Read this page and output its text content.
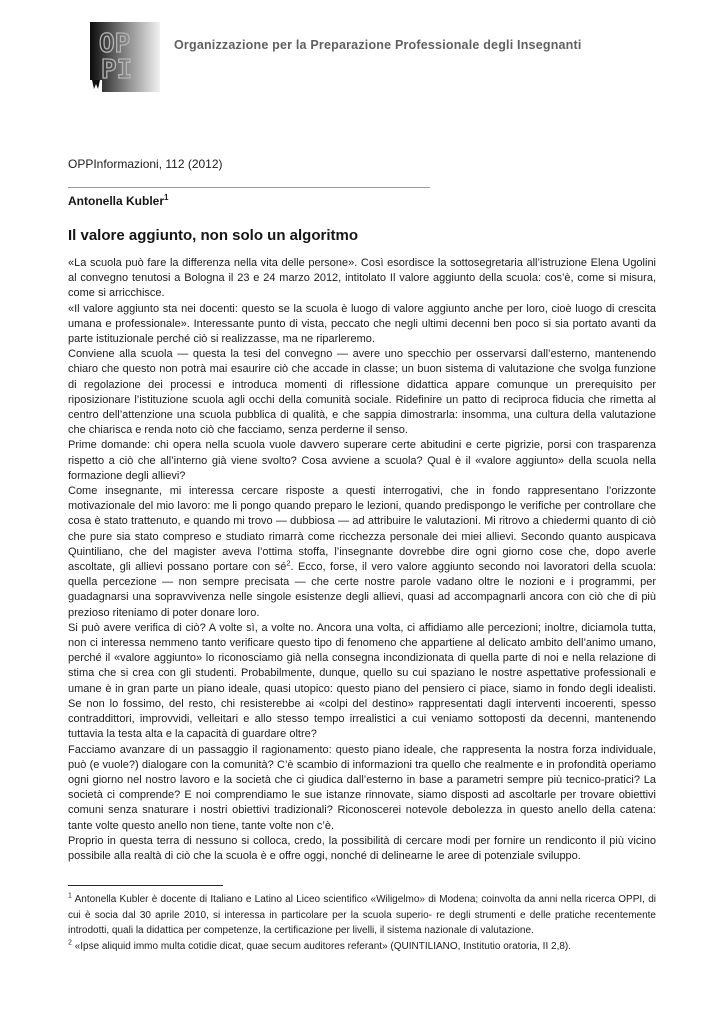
OP
PI
Organizzazione per la Preparazione Professionale degli Insegnanti
OPPInformazioni, 112 (2012)
Antonella Kubler$^1$
Il valore aggiunto, non solo un algoritmo

«La scuola può fare la differenza nella vita delle persone». Così esordisce la sottosegretaria all’istruzione Elena Ugolini al convegno tenutosi a Bologna il 23 e 24 marzo 2012, intitolato Il valore aggiunto della scuola: cos’è, come si misura, come si arricchisce.

«Il valore aggiunto sta nei docenti: questo se la scuola è luogo di valore aggiunto anche per loro, cioè luogo di crescita umana e professionale». Interessante punto di vista, peccato che negli ultimi decenni ben poco si sia portato avanti da parte istituzionale perché ciò si realizzasse, ma ne riparleremo.

Conviene alla scuola — questa la tesi del convegno — avere uno specchio per osservarsi dall’esterno, mantenendo chiaro che questo non potrà mai esaurire ciò che accade in classe; un buon sistema di valutazione che svolga funzione di regolazione dei processi e introduca momenti di riflessione didattica appare comunque un prerequisito per riposizionare l’istituzione scuola agli occhi della comunità sociale. Ridefinire un patto di reciproca fiducia che rimetta al centro dell’attenzione una scuola pubblica di qualità, e che sappia dimostrarla: insomma, una cultura della valutazione che chiarisca e renda noto ciò che facciamo, senza perderne il senso.

Prime domande: chi opera nella scuola vuole davvero superare certe abitudini e certe pigrizie, porsi con trasparenza rispetto a ciò che all’interno già viene svolto? Cosa avviene a scuola? Qual è il «valore aggiunto» della scuola nella formazione degli allievi?

Come insegnante, mi interessa cercare risposte a questi interrogativi, che in fondo rappresentano l’orizzonte motivazionale del mio lavoro: me li pongo quando preparo le lezioni, quando predispongo le verifiche per controllare che cosa è stato trattenuto, e quando mi trovo — dubbiosa — ad attribuire le valutazioni. Mi ritrovo a chiedermi quanto di ciò che pure sia stato compreso e studiato rimarrà come ricchezza personale dei miei allievi. Secondo quanto auspicava Quintiliano, che del magister aveva l’ottima stoffa, l’insegnante dovrebbe dire ogni giorno cose che, dopo averle ascoltate, gli allievi possano portare con $sé^2$. Ecco, forse, il vero valore aggiunto secondo noi lavoratori della scuola: quella percezione — non sempre precisata — che certe nostre parole vadano oltre le nozioni e i programmi, per guadagnarsi una sopravvivenza nelle singole esistenze degli allievi, quasi ad accompagnarli ancora con ciò che di più prezioso riteniamo di poter donare loro.

Si può avere verifica di ciò? A volte sì, a volte no. Ancora una volta, ci affidiamo alle percezioni; inoltre, diciamola tutta, non ci interessa nemmeno tanto verificare questo tipo di fenomeno che appartiene al delicato ambito dell’animo umano, perché il «valore aggiunto» lo riconosciamo già nella consegna incondizionata di quella parte di noi e nella relazione di stima che si crea con gli studenti. Probabilmente, dunque, quello su cui spaziano le nostre aspettative professionali e umane è in gran parte un piano ideale, quasi utopico: questo piano del pensiero ci piace, siamo in fondo degli idealisti. Se non lo fossimo, del resto, chi resisterebbe ai «colpi del destino» rappresentati dagli interventi incoerenti, spesso contraddittori, improvvidi, velleitari e allo stesso tempo irrealistici a cui veniamo sottoposti da decenni, mantenendo tuttavia la testa alta e la capacità di guardare oltre?

Facciamo avanzare di un passaggio il ragionamento: questo piano ideale, che rappresenta la nostra forza individuale, può (e vuole?) dialogare con la comunità? C’è scambio di informazioni tra quello che realmente e in profondità operiamo ogni giorno nel nostro lavoro e la società che ci giudica dall’esterno in base a parametri sempre più tecnico-pratici? La società ci comprende? E noi comprendiamo le sue istanze rinnovate, siamo disposti ad ascoltarle per trovare obiettivi comuni senza snaturare i nostri obiettivi tradizionali? Riconoscerei notevole debolezza in questo anello della catena: tante volte questo anello non tiene, tante volte non c’è.

Proprio in questa terra di nessuno si colloca, credo, la possibilità di cercare modi per fornire un rendiconto il più vicino possibile alla realtà di ciò che la scuola è e offre oggi, nonché di delinearne le aree di potenziale sviluppo.

$^1$ Antonella Kubler è docente di Italiano e Latino al Liceo scientifico «Wiligelmo» di Modena; coinvolta da anni nella ricerca OPPI, di cui è socia dal 30 aprile 2010, si interessa in particolare per la scuola superio- re degli strumenti e delle pratiche recentemente introdotti, quali la didattica per competenze, la certificazione per livelli, il sistema nazionale di valutazione.

$^2$ «Ipse aliquid immo multa cotidie dicat, quae secum auditores referant» (QUINTILIANO, Institutio oratoria, II 2,8).
